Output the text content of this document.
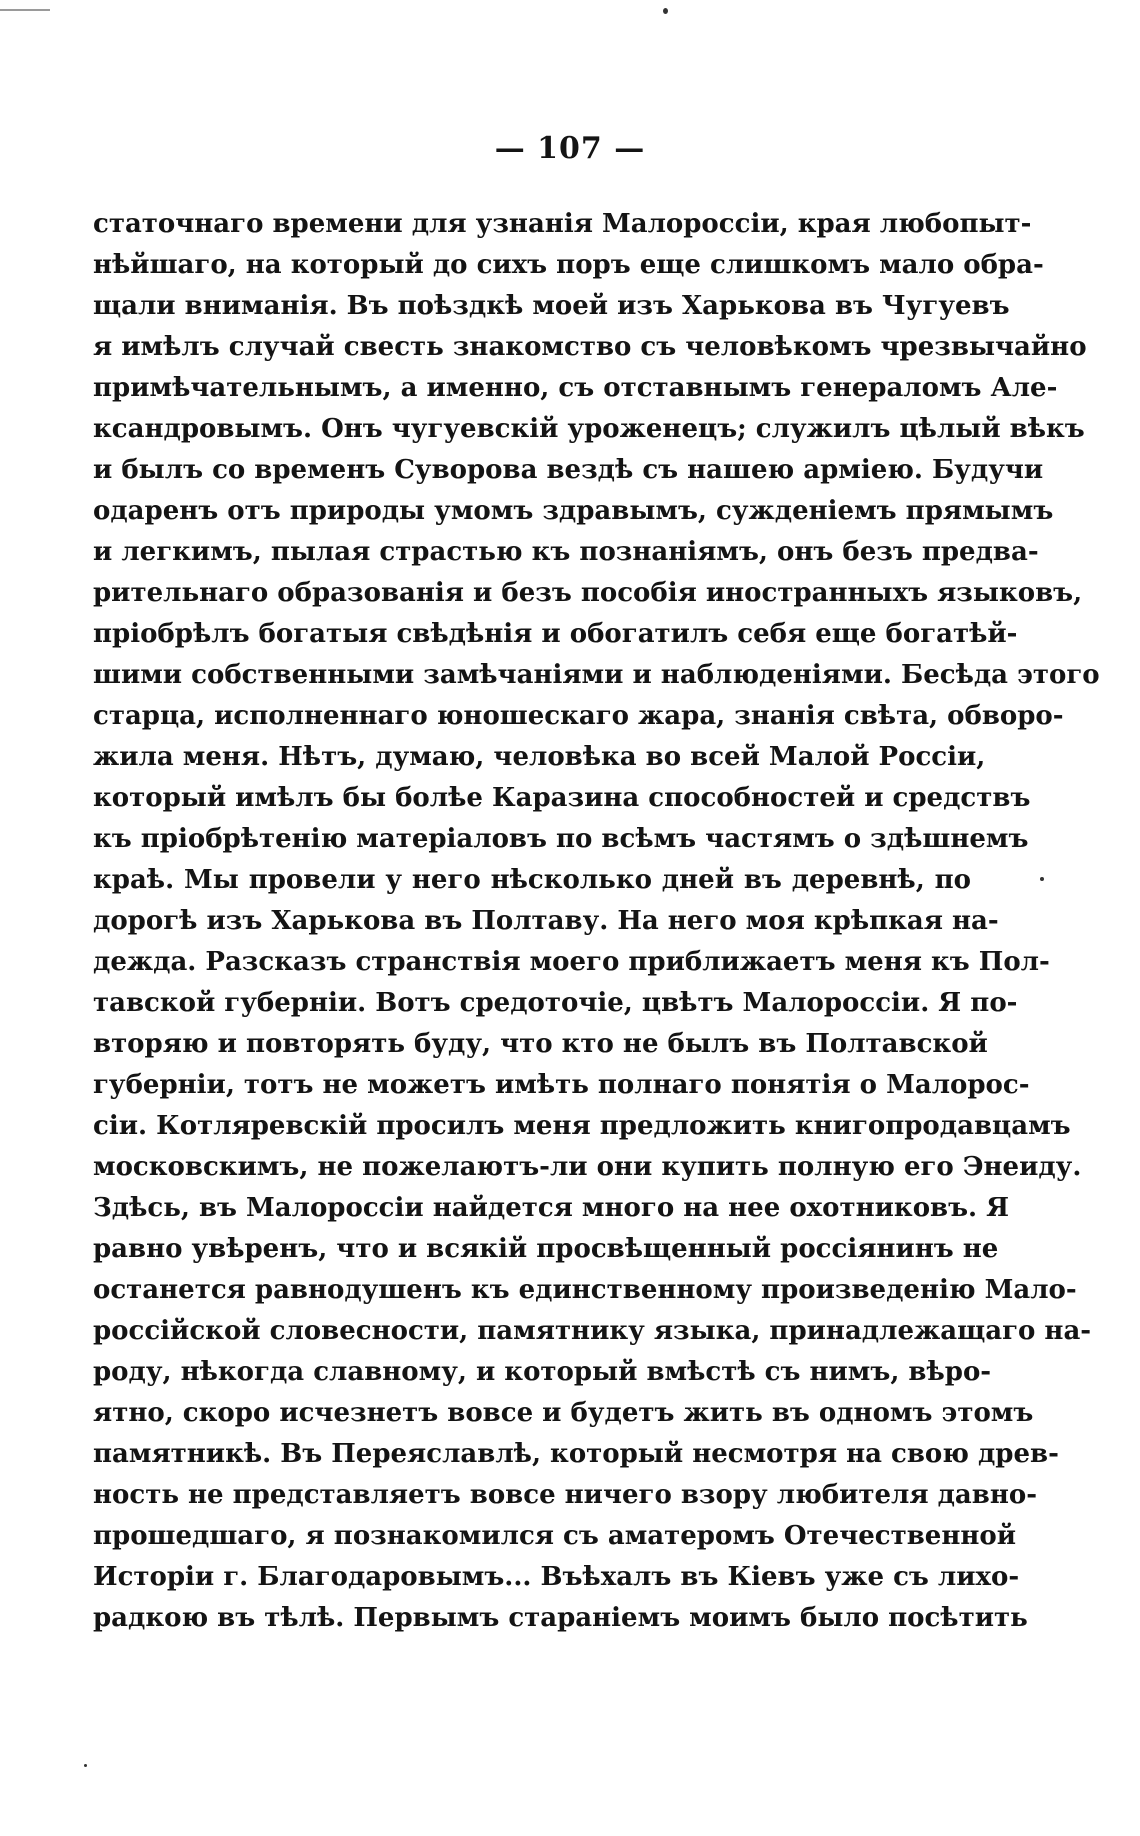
— 107 —
статочнаго времени для узнанія Малороссіи, края любопыт-
нѣйшаго, на который до сихъ поръ еще слишкомъ мало обра-
щали вниманія. Въ поѣздкѣ моей изъ Харькова въ Чугуевъ
я имѣлъ случай свесть знакомство съ человѣкомъ чрезвычайно
примѣчательнымъ, а именно, съ отставнымъ генераломъ Але-
ксандровымъ. Онъ чугуевскій уроженецъ; служилъ цѣлый вѣкъ
и былъ со временъ Суворова вездѣ съ нашею арміею. Будучи
одаренъ отъ природы умомъ здравымъ, сужденіемъ прямымъ
и легкимъ, пылая страстью къ познаніямъ, онъ безъ предва-
рительнаго образованія и безъ пособія иностранныхъ языковъ,
пріобрѣлъ богатыя свѣдѣнія и обогатилъ себя еще богатѣй-
шими собственными замѣчаніями и наблюденіями. Бесѣда этого
старца, исполненнаго юношескаго жара, знанія свѣта, обворо-
жила меня. Нѣтъ, думаю, человѣка во всей Малой Россіи,
который имѣлъ бы болѣе Каразина способностей и средствъ
къ пріобрѣтенію матеріаловъ по всѣмъ частямъ о здѣшнемъ
краѣ. Мы провели у него нѣсколько дней въ деревнѣ, по
дорогѣ изъ Харькова въ Полтаву. На него моя крѣпкая на-
дежда. Разсказъ странствія моего приближаетъ меня къ Пол-
тавской губерніи. Вотъ средоточіе, цвѣтъ Малороссіи. Я по-
вторяю и повторять буду, что кто не былъ въ Полтавской
губерніи, тотъ не можетъ имѣть полнаго понятія о Малорос-
сіи. Котляревскій просилъ меня предложить книгопродавцамъ
московскимъ, не пожелаютъ-ли они купить полную его Энеиду.
Здѣсь, въ Малороссіи найдется много на нее охотниковъ. Я
равно увѣренъ, что и всякій просвѣщенный россіянинъ не
останется равнодушенъ къ единственному произведенію Мало-
россійской словесности, памятнику языка, принадлежащаго на-
роду, нѣкогда славному, и который вмѣстѣ съ нимъ, вѣро-
ятно, скоро исчезнетъ вовсе и будетъ жить въ одномъ этомъ
памятникѣ. Въ Переяславлѣ, который несмотря на свою древ-
ность не представляетъ вовсе ничего взору любителя давно-
прошедшаго, я познакомился съ аматеромъ Отечественной
Исторіи г. Благодаровымъ... Въѣхалъ въ Кіевъ уже съ лихо-
радкою въ тѣлѣ. Первымъ стараніемъ моимъ было посѣтить
